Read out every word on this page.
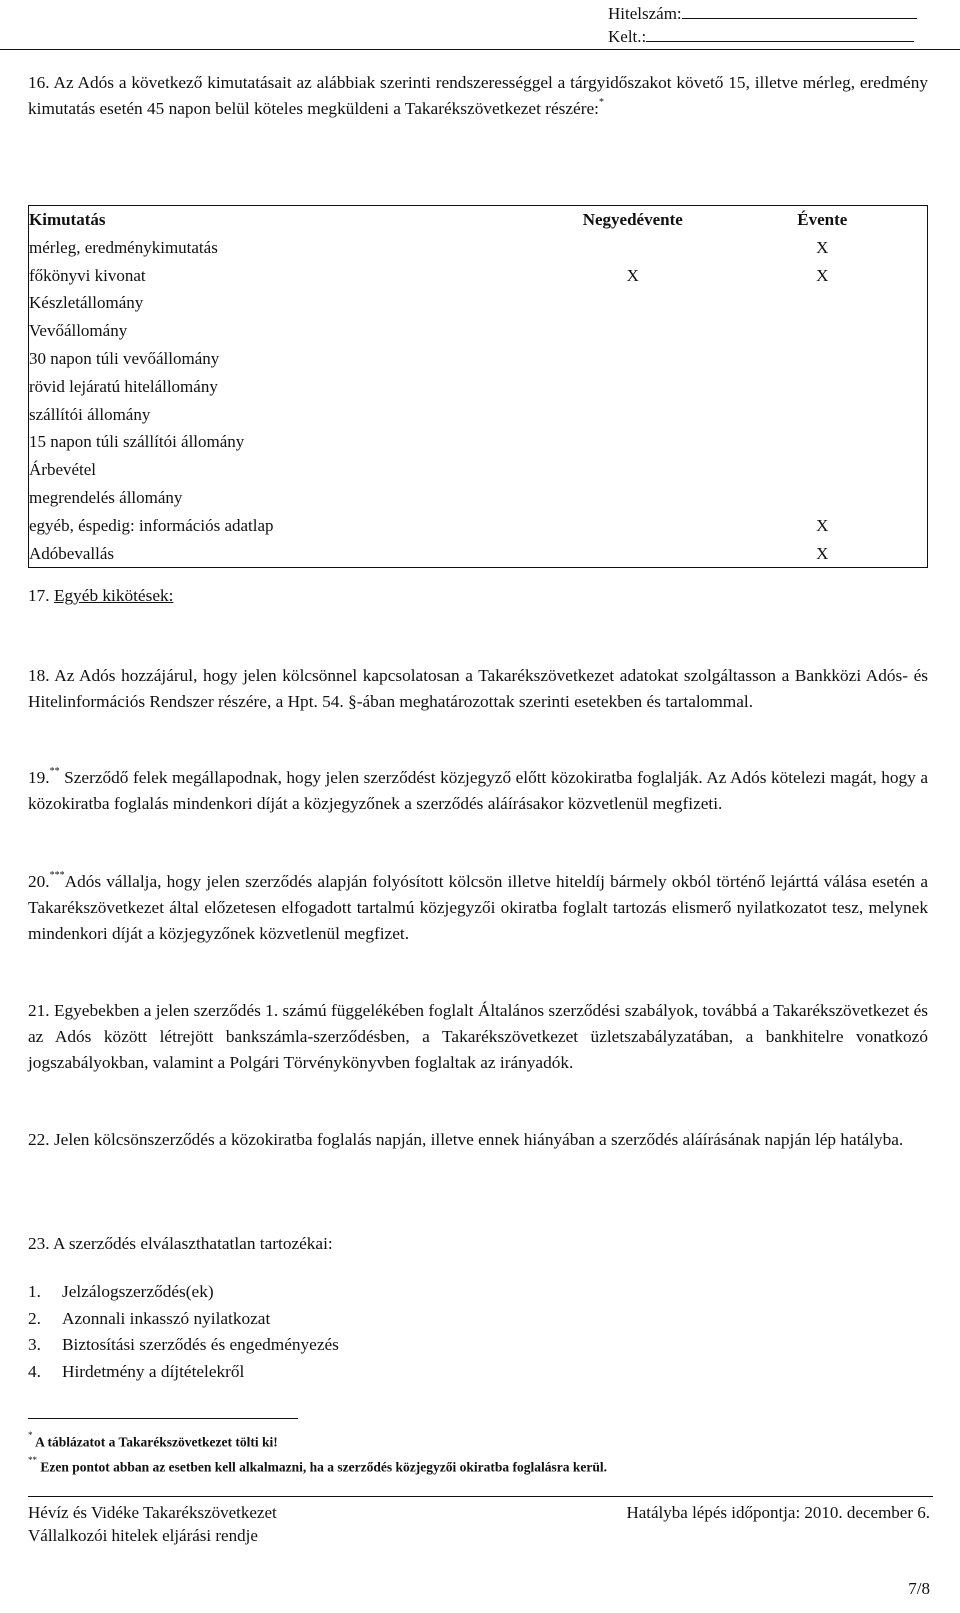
Hitelszám:
Kelt.:

16. Az Adós a következő kimutatásait az alábbiak szerinti rendszerességgel a tárgyidőszakot követő 15, illetve mérleg, eredmény kimutatás esetén 45 napon belül köteles megküldeni a Takarékszövetkezet részére:*

Kimutatás	Negyedévente	Évente
mérleg, eredménykimutatás		X
főkönyvi kivonat	X	X
Készletállomány		
Vevőállomány		
30 napon túli vevőállomány		
rövid lejáratú hitelállomány		
szállítói állomány		
15 napon túli szállítói állomány		
Árbevétel		
megrendelés állomány		
egyéb, éspedig: információs adatlap		X
Adóbevallás		X
17. Egyéb kikötések:

18. Az Adós hozzájárul, hogy jelen kölcsönnel kapcsolatosan a Takarékszövetkezet adatokat szolgáltasson a Bankközi Adós- és Hitelinformációs Rendszer részére, a Hpt. 54. §-ában meghatározottak szerinti esetekben és tartalommal.

19.** Szerződő felek megállapodnak, hogy jelen szerződést közjegyző előtt közokiratba foglalják. Az Adós kötelezi magát, hogy a közokiratba foglalás mindenkori díját a közjegyzőnek a szerződés aláírásakor közvetlenül megfizeti.

20.***Adós vállalja, hogy jelen szerződés alapján folyósított kölcsön illetve hiteldíj bármely okból történő lejárttá válása esetén a Takarékszövetkezet által előzetesen elfogadott tartalmú közjegyzői okiratba foglalt tartozás elismerő nyilatkozatot tesz, melynek mindenkori díját a közjegyzőnek közvetlenül megfizet.

21. Egyebekben a jelen szerződés 1. számú függelékében foglalt Általános szerződési szabályok, továbbá a Takarékszövetkezet és az Adós között létrejött bankszámla-szerződésben, a Takarékszövetkezet üzletszabályzatában, a bankhitelre vonatkozó jogszabályokban, valamint a Polgári Törvénykönyvben foglaltak az irányadók.

22. Jelen kölcsönszerződés a közokiratba foglalás napján, illetve ennek hiányában a szerződés aláírásának napján lép hatályba.

23. A szerződés elválaszthatatlan tartozékai:
1. Jelzálogszerződés(ek)
2. Azonnali inkasszó nyilatkozat
3. Biztosítási szerződés és engedményezés
4. Hirdetmény a díjtételekről
* A táblázatot a Takarékszövetkezet tölti ki!
** Ezen pontot abban az esetben kell alkalmazni, ha a szerződés közjegyzői okiratba foglalásra kerül.
Hévíz és Vidéke Takarékszövetkezet
Vállalkozói hitelek eljárási rendje
Hatályba lépés időpontja: 2010. december 6.
7/8
